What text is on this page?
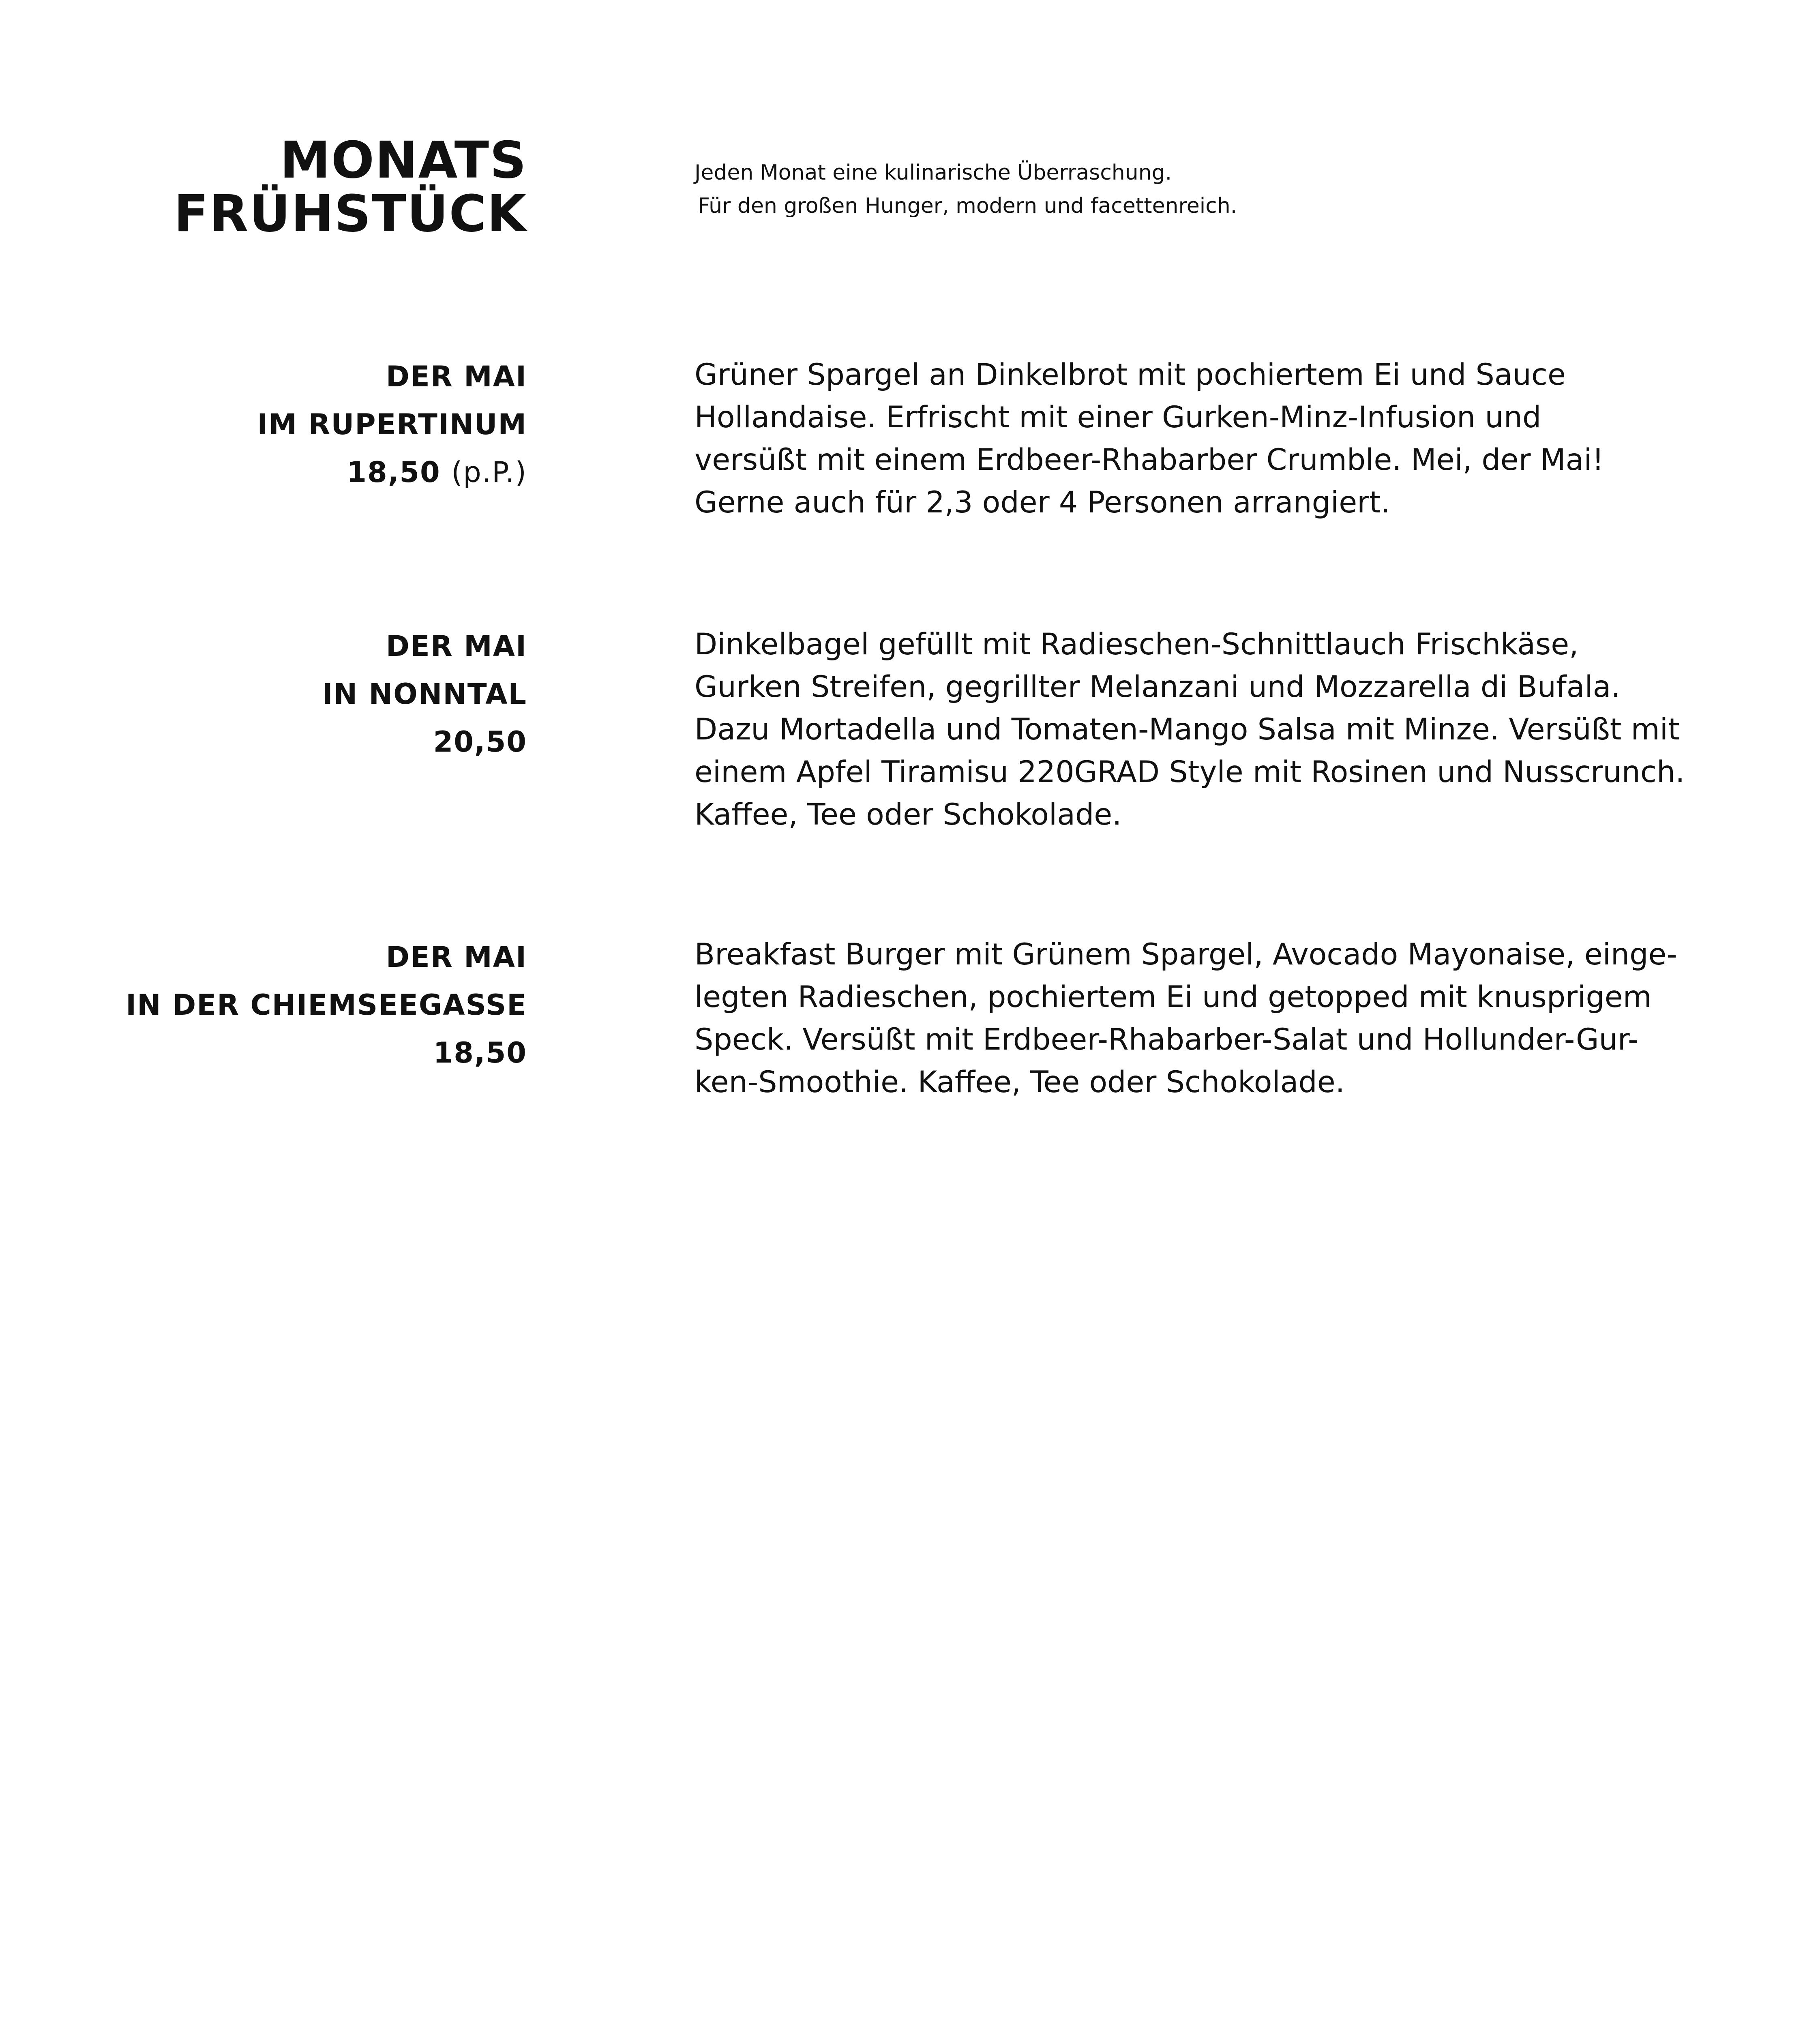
MONATS
FRÜHSTÜCK
Jeden Monat eine kulinarische Überraschung.
Für den großen Hunger, modern und facettenreich.
DER MAI
IM RUPERTINUM
18,50 (p.P.)
Grüner Spargel an Dinkelbrot mit pochiertem Ei und Sauce
Hollandaise. Erfrischt mit einer Gurken-Minz-Infusion und
versüßt mit einem Erdbeer-Rhabarber Crumble. Mei, der Mai!
Gerne auch für 2,3 oder 4 Personen arrangiert.
DER MAI
IN NONNTAL
20,50
Dinkelbagel gefüllt mit Radieschen-Schnittlauch Frischkäse,
Gurken Streifen, gegrillter Melanzani und Mozzarella di Bufala.
Dazu Mortadella und Tomaten-Mango Salsa mit Minze. Versüßt mit
einem Apfel Tiramisu 220GRAD Style mit Rosinen und Nusscrunch.
Kaffee, Tee oder Schokolade.
DER MAI
IN DER CHIEMSEEGASSE
18,50
Breakfast Burger mit Grünem Spargel, Avocado Mayonaise, einge-
legten Radieschen, pochiertem Ei und getopped mit knusprigem
Speck. Versüßt mit Erdbeer-Rhabarber-Salat und Hollunder-Gur-
ken-Smoothie. Kaffee, Tee oder Schokolade.
